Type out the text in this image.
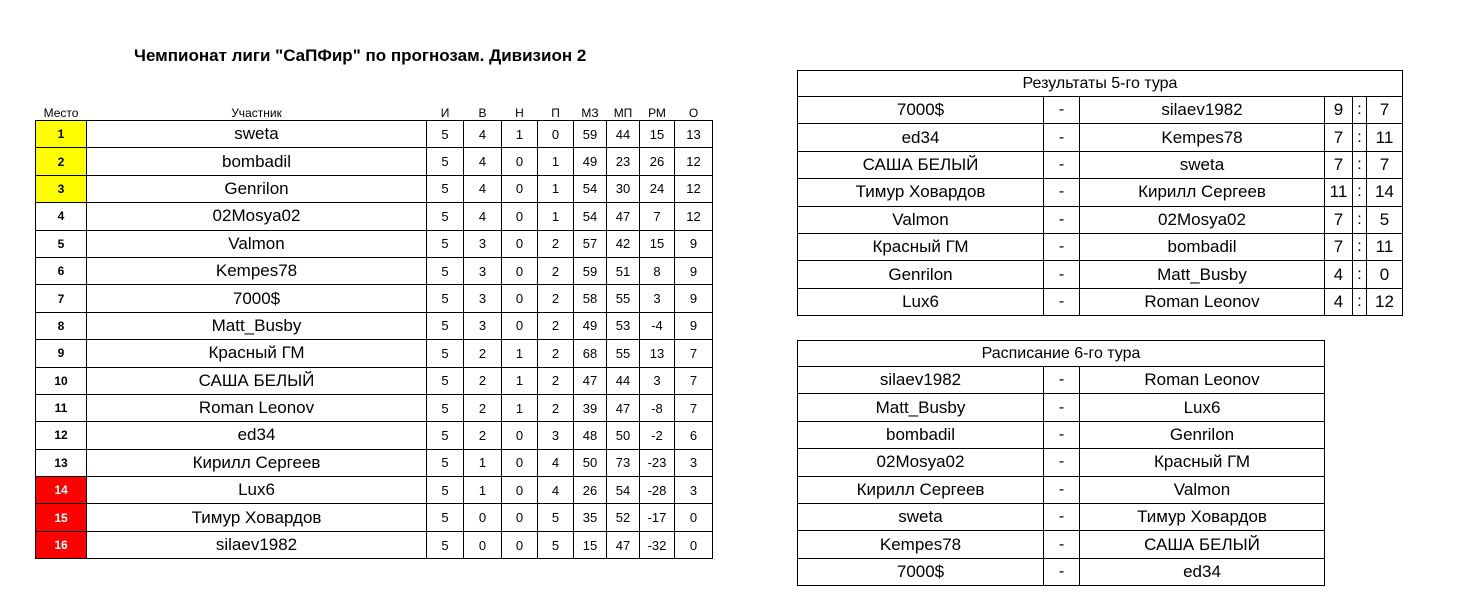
Чемпионат лиги "СаПФир" по прогнозам. Дивизион 2
Место	Участник	И	В	Н	П	МЗ	МП	РМ	О
1	sweta	5	4	1	0	59	44	15	13
2	bombadil	5	4	0	1	49	23	26	12
3	Genrilon	5	4	0	1	54	30	24	12
4	02Mosya02	5	4	0	1	54	47	7	12
5	Valmon	5	3	0	2	57	42	15	9
6	Kempes78	5	3	0	2	59	51	8	9
7	7000$	5	3	0	2	58	55	3	9
8	Matt_Busby	5	3	0	2	49	53	-4	9
9	Красный ГМ	5	2	1	2	68	55	13	7
10	САША БЕЛЫЙ	5	2	1	2	47	44	3	7
11	Roman Leonov	5	2	1	2	39	47	-8	7
12	ed34	5	2	0	3	48	50	-2	6
13	Кирилл Сергеев	5	1	0	4	50	73	-23	3
14	Lux6	5	1	0	4	26	54	-28	3
15	Тимур Ховардов	5	0	0	5	35	52	-17	0
16	silaev1982	5	0	0	5	15	47	-32	0
Результаты 5-го тура					
7000$	-	silaev1982	9	:	7
ed34	-	Kempes78	7	:	11
САША БЕЛЫЙ	-	sweta	7	:	7
Тимур Ховардов	-	Кирилл Сергеев	11	:	14
Valmon	-	02Mosya02	7	:	5
Красный ГМ	-	bombadil	7	:	11
Genrilon	-	Matt_Busby	4	:	0
Lux6	-	Roman Leonov	4	:	12
Расписание 6-го тура		
silaev1982	-	Roman Leonov
Matt_Busby	-	Lux6
bombadil	-	Genrilon
02Mosya02	-	Красный ГМ
Кирилл Сергеев	-	Valmon
sweta	-	Тимур Ховардов
Kempes78	-	САША БЕЛЫЙ
7000$	-	ed34
